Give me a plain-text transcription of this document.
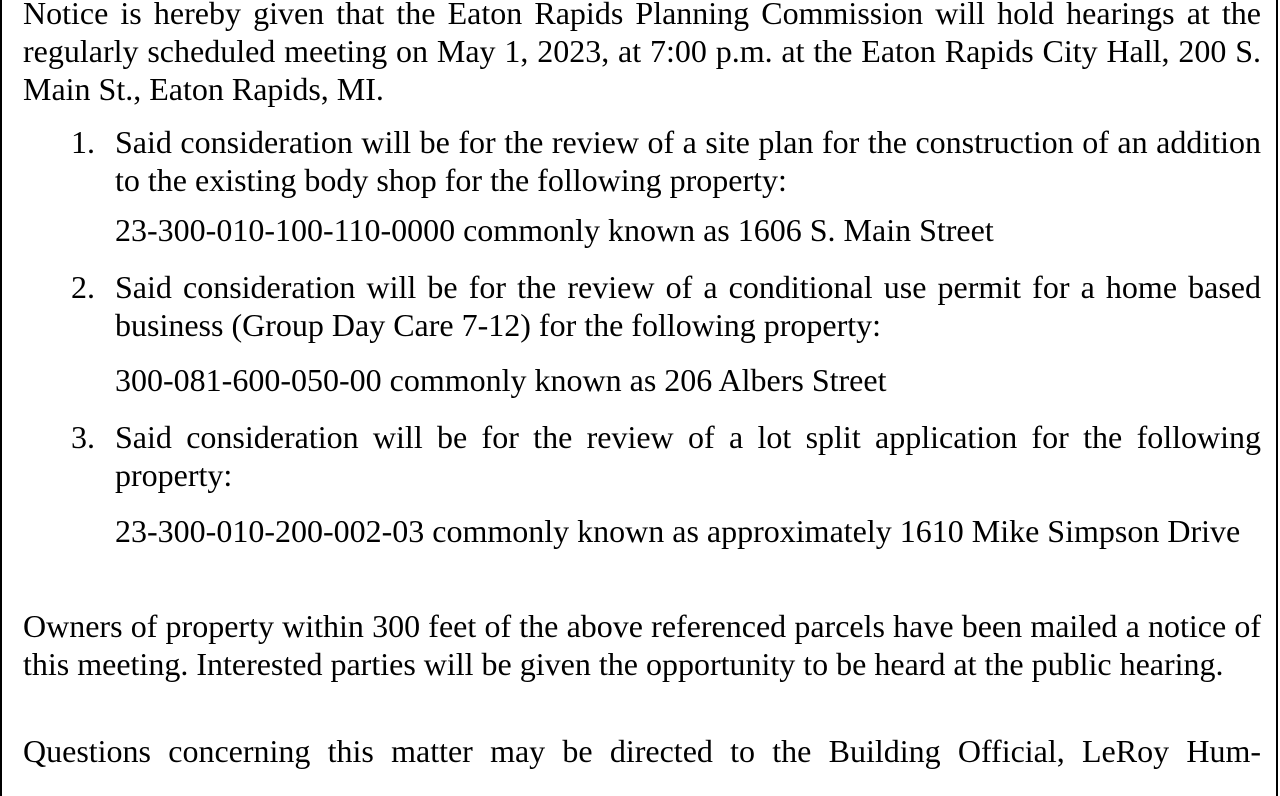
Notice is hereby given that the Eaton Rapids Planning Commission will hold hearings at the regularly scheduled meeting on May 1, 2023, at 7:00 p.m. at the Eaton Rapids City Hall, 200 S. Main St., Eaton Rapids, MI.

1. Said consideration will be for the review of a site plan for the construction of an addition to the existing body shop for the following property:

23-300-010-100-110-0000 commonly known as 1606 S. Main Street

2. Said consideration will be for the review of a conditional use permit for a home based business (Group Day Care 7-12) for the following property:

300-081-600-050-00 commonly known as 206 Albers Street

3. Said consideration will be for the review of a lot split application for the following property:

23-300-010-200-002-03 commonly known as approximately 1610 Mike Simpson Drive

Owners of property within 300 feet of the above referenced parcels have been mailed a notice of this meeting. Interested parties will be given the opportunity to be heard at the public hearing.

Questions concerning this matter may be directed to the Building Official, LeRoy Hum-
